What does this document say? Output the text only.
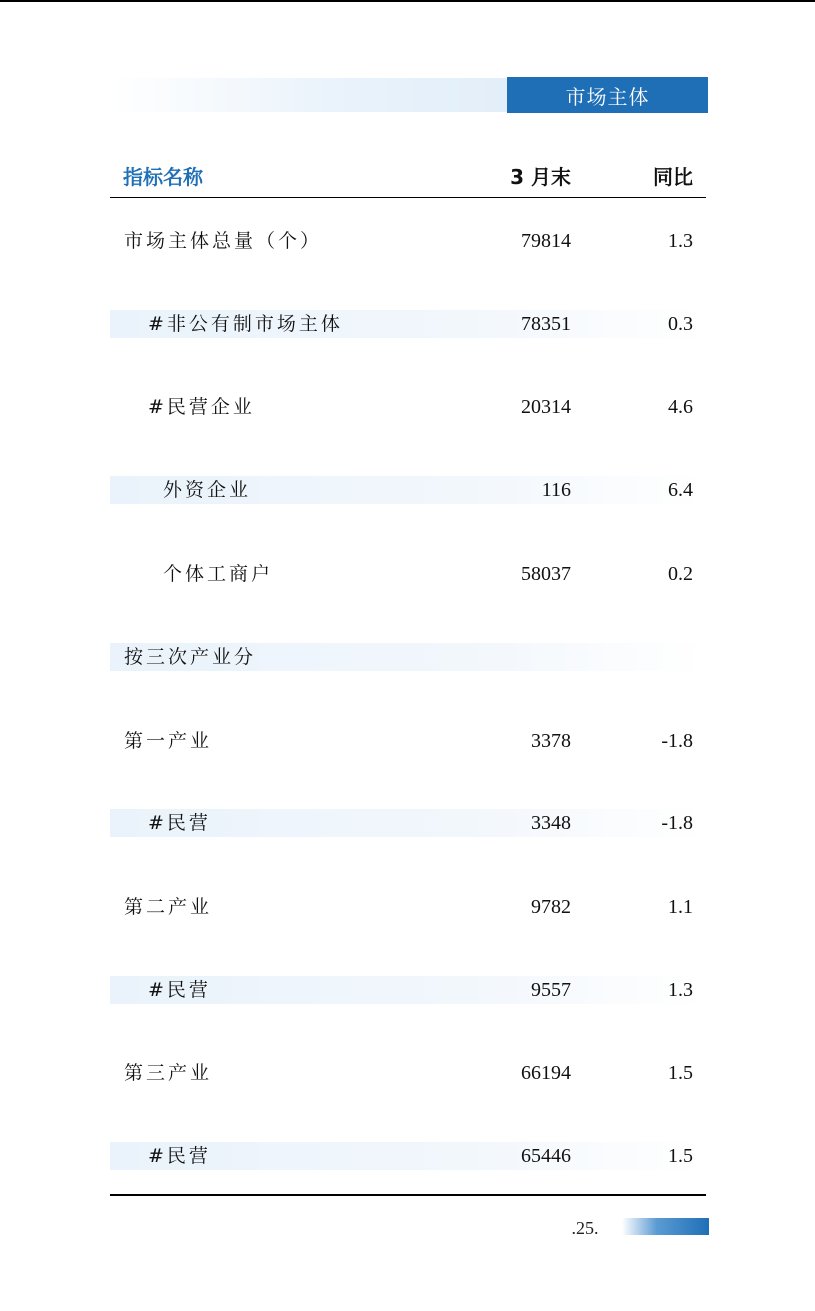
市场主体
指标名称	3 月末	同比
市场主体总量（个）	79814	1.3
#非公有制市场主体	78351	0.3
#民营企业	20314	4.6
外资企业	116	6.4
个体工商户	58037	0.2
按三次产业分
第一产业	3378	-1.8
#民营	3348	-1.8
第二产业	9782	1.1
#民营	9557	1.3
第三产业	66194	1.5
#民营	65446	1.5
.25.
